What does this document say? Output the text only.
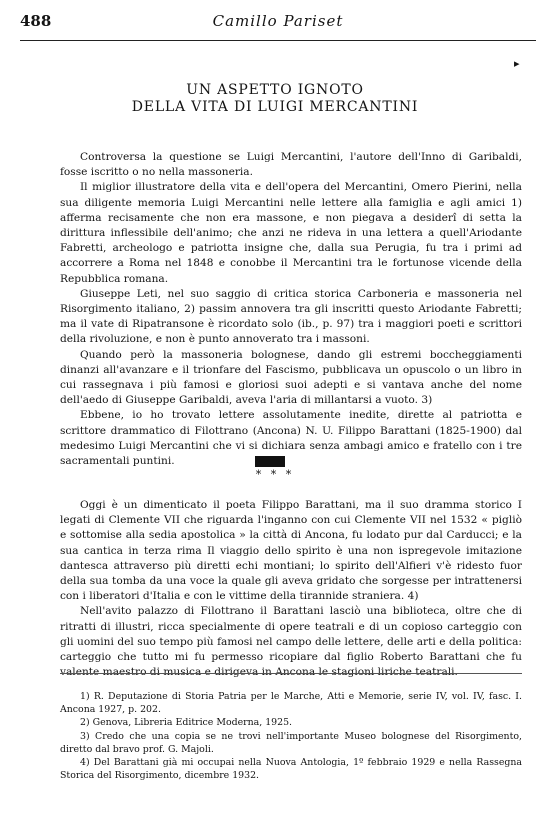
488	Camillo Pariset
▸
UN ASPETTO IGNOTO
DELLA VITA DI LUIGI MERCANTINI

Controversa la questione se Luigi Mercantini, l'autore dell'Inno di Garibaldi, fosse iscritto o no nella massoneria.

Il miglior illustratore della vita e dell'opera del Mercantini, Omero Pierini, nella sua diligente memoria Luigi Mercantini nelle lettere alla famiglia e agli amici 1) afferma recisamente che non era massone, e non piegava a desiderî di setta la dirittura inflessibile dell'animo; che anzi ne rideva in una lettera a quell'Ariodante Fabretti, archeologo e patriotta insigne che, dalla sua Perugia, fu tra i primi ad accorrere a Roma nel 1848 e conobbe il Mercantini tra le fortunose vicende della Repubblica romana.

Giuseppe Leti, nel suo saggio di critica storica Carboneria e massoneria nel Risorgimento italiano, 2) passim annovera tra gli inscritti questo Ariodante Fabretti; ma il vate di Ripatransone è ricordato solo (ib., p. 97) tra i maggiori poeti e scrittori della rivoluzione, e non è punto annoverato tra i massoni.

Quando però la massoneria bolognese, dando gli estremi boccheggiamenti dinanzi all'avanzare e il trionfare del Fascismo, pubblicava un opuscolo o un libro in cui rassegnava i più famosi e gloriosi suoi adepti e si vantava anche del nome dell'aedo di Giuseppe Garibaldi, aveva l'aria di millantarsi a vuoto. 3)

Ebbene, io ho trovato lettere assolutamente inedite, dirette al patriotta e scrittore drammatico di Filottrano (Ancona) N. U. Filippo Barattani (1825-1900) dal medesimo Luigi Mercantini che vi si dichiara senza ambagi amico e fratello con i tre sacramentali puntini.

* * *

Oggi è un dimenticato il poeta Filippo Barattani, ma il suo dramma storico I legati di Clemente VII che riguarda l'inganno con cui Clemente VII nel 1532 « pigliò e sottomise alla sedia apostolica » la città di Ancona, fu lodato pur dal Carducci; e la sua cantica in terza rima Il viaggio dello spirito è una non ispregevole imitazione dantesca attraverso più diretti echi montiani; lo spirito dell'Alfieri v'è ridesto fuor della sua tomba da una voce la quale gli aveva gridato che sorgesse per intrattenersi con i liberatori d'Italia e con le vittime della tirannide straniera. 4)

Nell'avito palazzo di Filottrano il Barattani lasciò una biblioteca, oltre che di ritratti di illustri, ricca specialmente di opere teatrali e di un copioso carteggio con gli uomini del suo tempo più famosi nel campo delle lettere, delle arti e della politica: carteggio che tutto mi fu permesso ricopiare dal figlio Roberto Barattani che fu valente maestro di musica e dirigeva in Ancona le stagioni liriche teatrali.

1) R. Deputazione di Storia Patria per le Marche, Atti e Memorie, serie IV, vol. IV, fasc. I. Ancona 1927, p. 202.

2) Genova, Libreria Editrice Moderna, 1925.

3) Credo che una copia se ne trovi nell'importante Museo bolognese del Risorgimento, diretto dal bravo prof. G. Majoli.

4) Del Barattani già mi occupai nella Nuova Antologia, 1º febbraio 1929 e nella Rassegna Storica del Risorgimento, dicembre 1932.
